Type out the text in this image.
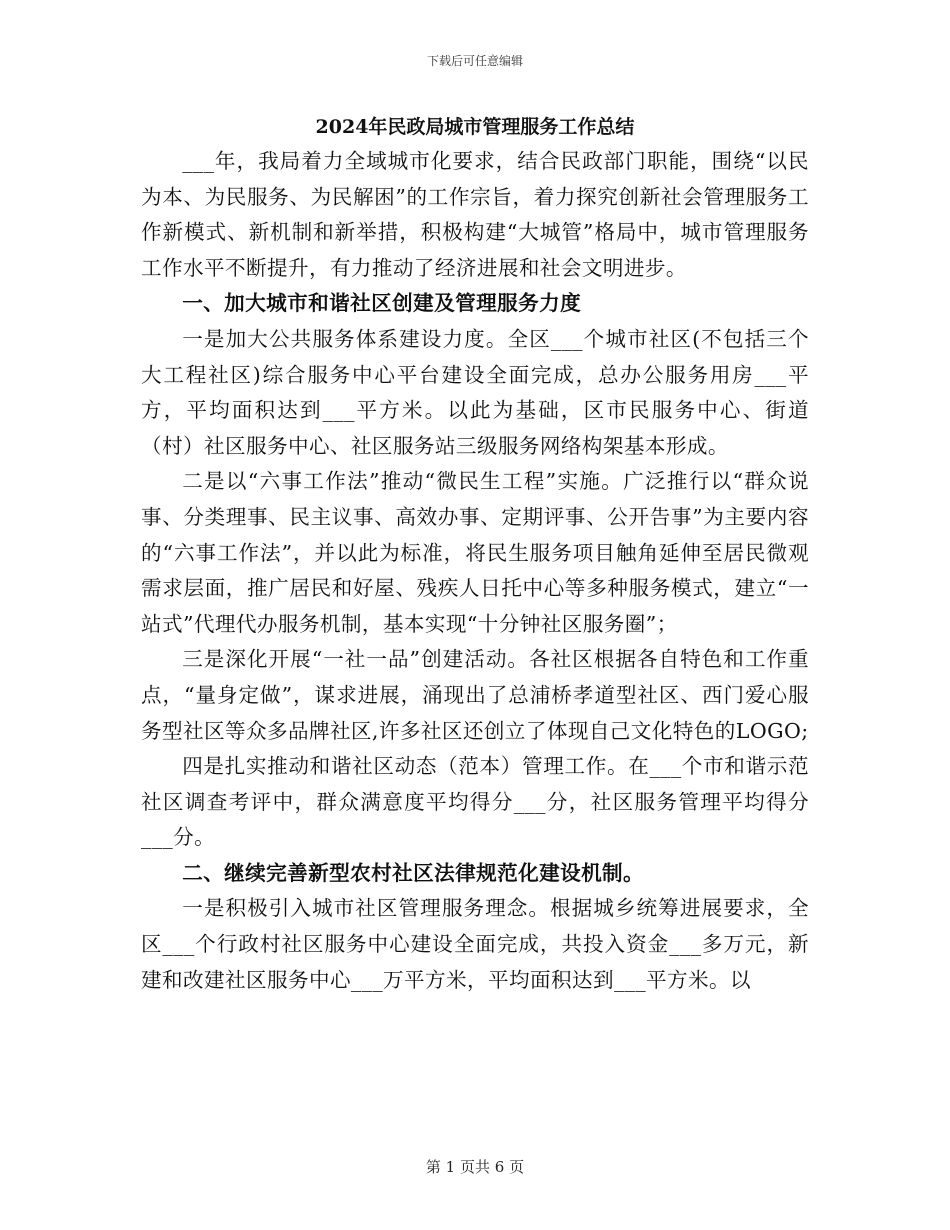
下载后可任意编辑
2024年民政局城市管理服务工作总结

___年，我局着力全域城市化要求，结合民政部门职能，围绕“以民为本、为民服务、为民解困”的工作宗旨，着力探究创新社会管理服务工作新模式、新机制和新举措，积极构建“大城管”格局中，城市管理服务工作水平不断提升，有力推动了经济进展和社会文明进步。

一、加大城市和谐社区创建及管理服务力度

一是加大公共服务体系建设力度。全区___个城市社区(不包括三个大工程社区)综合服务中心平台建设全面完成，总办公服务用房___平方，平均面积达到___平方米。以此为基础，区市民服务中心、街道（村）社区服务中心、社区服务站三级服务网络构架基本形成。

二是以“六事工作法”推动“微民生工程”实施。广泛推行以“群众说事、分类理事、民主议事、高效办事、定期评事、公开告事”为主要内容的“六事工作法”，并以此为标准，将民生服务项目触角延伸至居民微观需求层面，推广居民和好屋、残疾人日托中心等多种服务模式，建立“一站式”代理代办服务机制，基本实现“十分钟社区服务圈”；

三是深化开展“一社一品”创建活动。各社区根据各自特色和工作重点，“量身定做”，谋求进展，涌现出了总浦桥孝道型社区、西门爱心服务型社区等众多品牌社区,许多社区还创立了体现自己文化特色的LOGO;

四是扎实推动和谐社区动态（范本）管理工作。在___个市和谐示范社区调查考评中，群众满意度平均得分___分，社区服务管理平均得分___分。

二、继续完善新型农村社区法律规范化建设机制。

一是积极引入城市社区管理服务理念。根据城乡统筹进展要求，全区___个行政村社区服务中心建设全面完成，共投入资金___多万元，新建和改建社区服务中心___万平方米，平均面积达到___平方米。以

第 1 页共 6 页
